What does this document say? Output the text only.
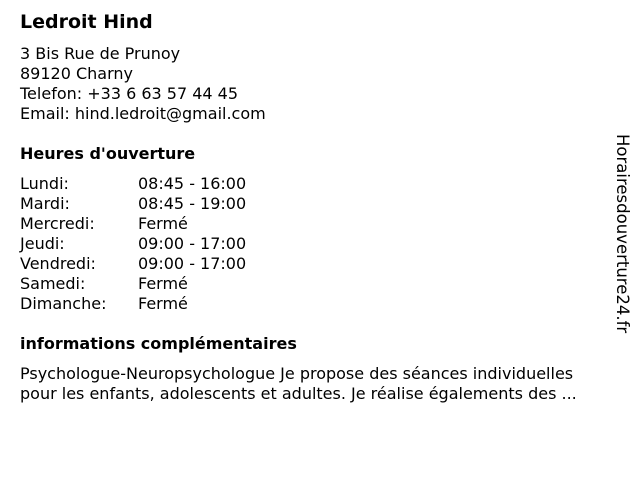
Ledroit Hind
3 Bis Rue de Prunoy
89120 Charny
Telefon: +33 6 63 57 44 45
Email: hind.ledroit@gmail.com
Heures d'ouverture
Lundi:	08:45 - 16:00
Mardi:	08:45 - 19:00
Mercredi:	Fermé
Jeudi:	09:00 - 17:00
Vendredi:	09:00 - 17:00
Samedi:	Fermé
Dimanche: Fermé
informations complémentaires
Psychologue-Neuropsychologue Je propose des séances individuelles
pour les enfants, adolescents et adultes. Je réalise égalements des ...
Horairesdouverture24.fr
